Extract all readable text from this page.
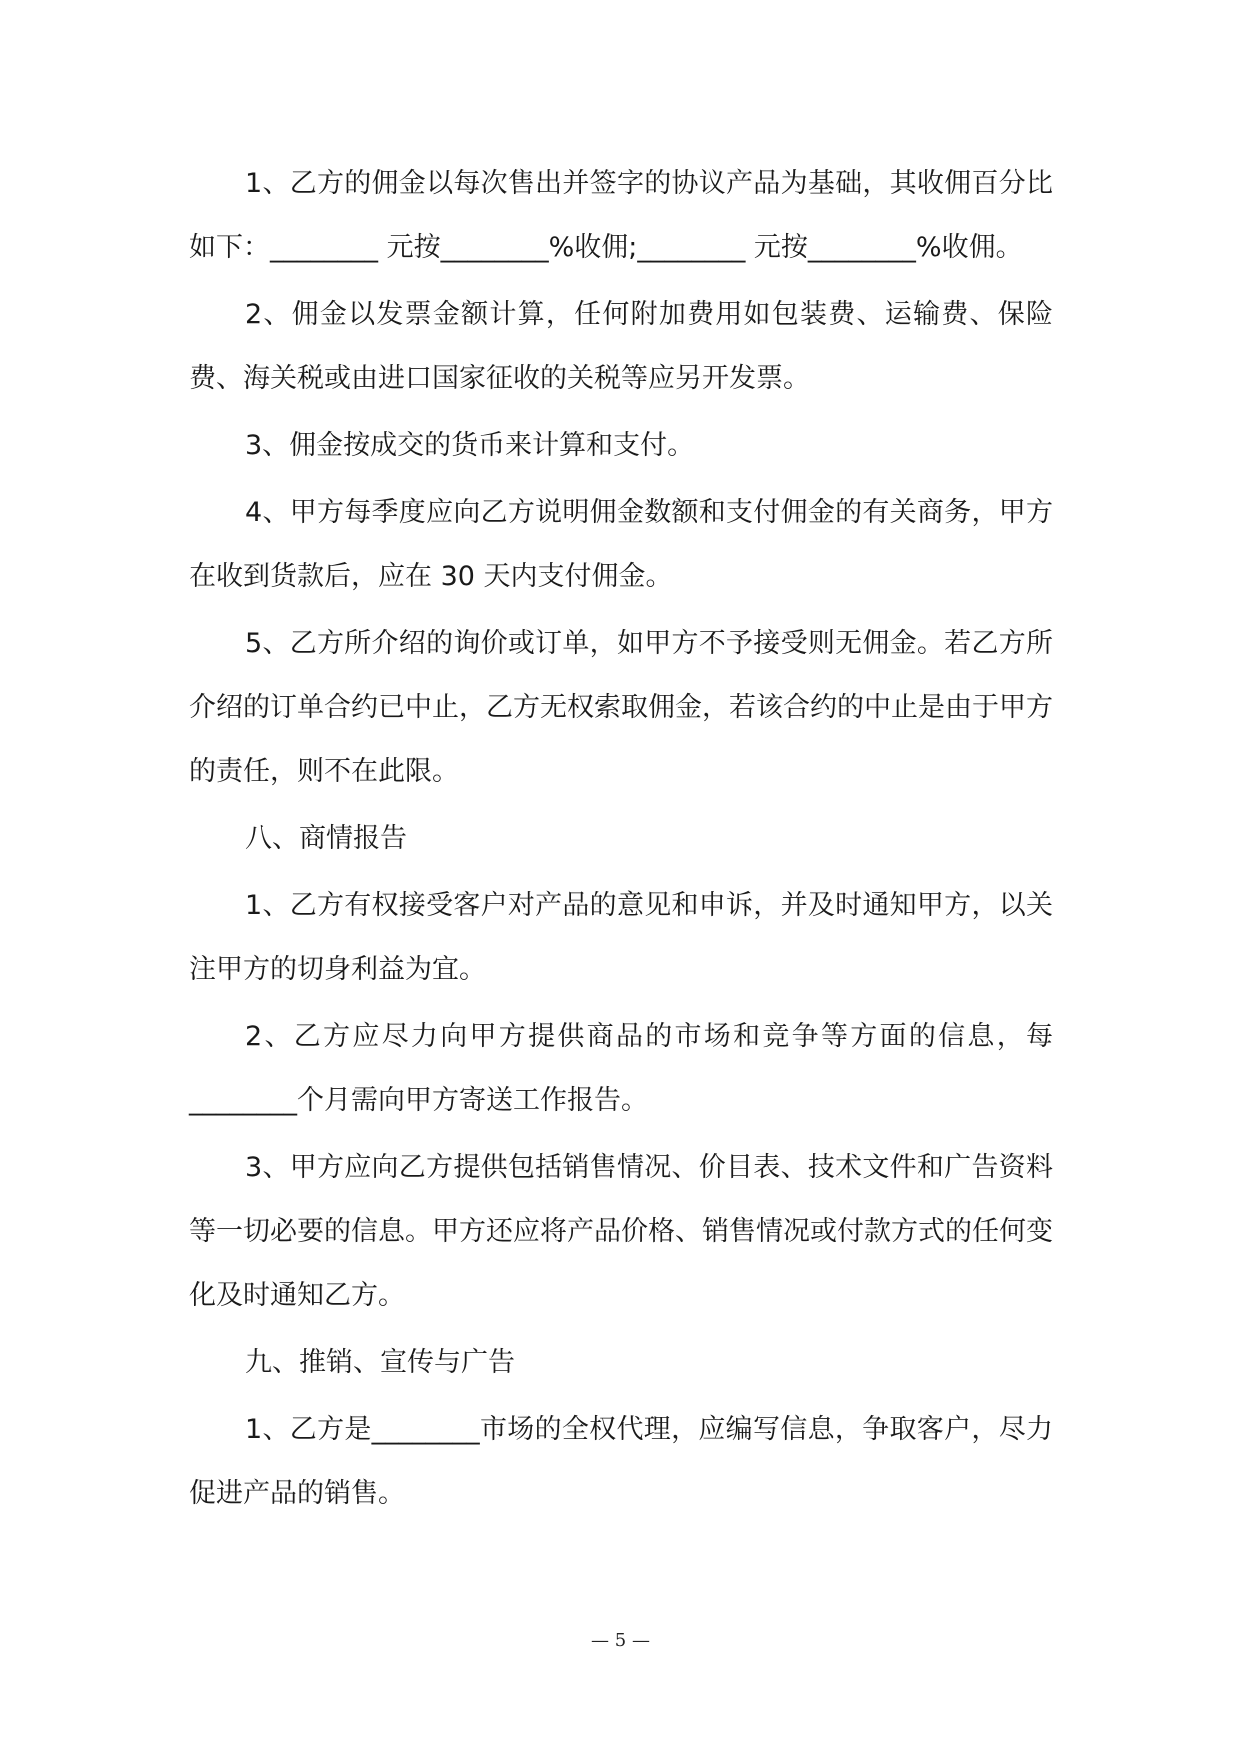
1、乙方的佣金以每次售出并签字的协议产品为基础，其收佣百分比如下：________ 元按________%收佣;________ 元按________%收佣。

2、佣金以发票金额计算，任何附加费用如包装费、运输费、保险费、海关税或由进口国家征收的关税等应另开发票。

3、佣金按成交的货币来计算和支付。

4、甲方每季度应向乙方说明佣金数额和支付佣金的有关商务，甲方在收到货款后，应在 30 天内支付佣金。

5、乙方所介绍的询价或订单，如甲方不予接受则无佣金。若乙方所介绍的订单合约已中止，乙方无权索取佣金，若该合约的中止是由于甲方的责任，则不在此限。

八、商情报告

1、乙方有权接受客户对产品的意见和申诉，并及时通知甲方，以关注甲方的切身利益为宜。

2、乙方应尽力向甲方提供商品的市场和竞争等方面的信息，每________个月需向甲方寄送工作报告。

3、甲方应向乙方提供包括销售情况、价目表、技术文件和广告资料等一切必要的信息。甲方还应将产品价格、销售情况或付款方式的任何变化及时通知乙方。

九、推销、宣传与广告

1、乙方是________市场的全权代理，应编写信息，争取客户，尽力促进产品的销售。

— 5 —
